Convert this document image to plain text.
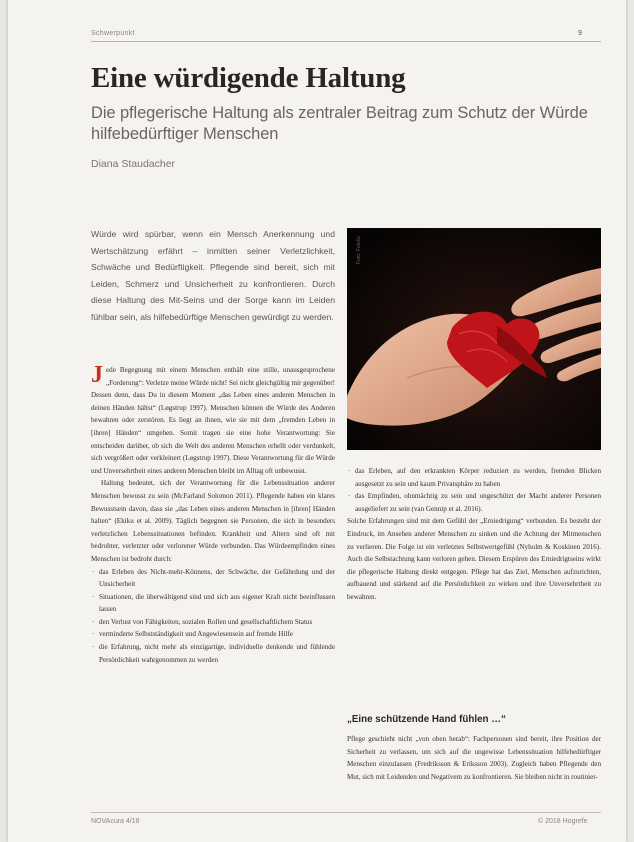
Schwerpunkt	9
Eine würdigende Haltung

Die pflegerische Haltung als zentraler Beitrag zum Schutz der Würde hilfebedürftiger Menschen

Diana Staudacher

Würde wird spürbar, wenn ein Mensch Anerkennung und Wertschätzung erfährt – inmitten seiner Verletzlichkeit, Schwäche und Bedürftigkeit. Pflegende sind bereit, sich mit Leiden, Schmerz und Unsicherheit zu konfrontieren. Durch diese Haltung des Mit-Seins und der Sorge kann im Leiden fühlbar sein, als hilfebedürftige Menschen gewürdigt zu werden.

Foto: Fotolia

Jede Begegnung mit einem Menschen enthält eine stille, unausgesprochene „Forderung“: Verletze meine Würde nicht! Sei nicht gleichgültig mir gegenüber! Dessen denn, dass Du in diesem Moment „das Leben eines anderen Menschen in deinen Händen hältst“ (Løgstrup 1997). Menschen können die Würde des Anderen bewahren oder zerstören. Es liegt an ihnen, wie sie mit dem „fremden Leben in [ihren] Händen“ umgehen. Somit tragen sie eine hohe Verantwortung: Sie entscheiden darüber, ob sich die Welt des anderen Menschen erhellt oder verdunkelt, sich vergrößert oder verkleinert (Løgstrup 1997). Diese Verantwortung für die Würde und Unversehrtheit eines anderen Menschen bleibt im Alltag oft unbewusst.

Haltung bedeutet, sich der Verantwortung für die Lebenssituation anderer Menschen bewusst zu sein (McFarland Solomon 2011). Pflegende haben ein klares Bewusstsein davon, dass sie „das Leben eines anderen Menschen in [ihren] Händen halten“ (Ekiku et al. 2009). Täglich begegnen sie Personen, die sich in besonders verletzlichen Lebenssituationen befinden. Krankheit und Altern sind oft mit bedrohter, verletzter oder verlorener Würde verbunden. Das Würdeempfinden eines Menschen ist bedroht durch:

· das Erleben des Nicht-mehr-Könnens, der Schwäche, der Gefährdung und der Unsicherheit
· Situationen, die überwältigend sind und sich aus eigener Kraft nicht beeinflussen lassen
· den Verlust von Fähigkeiten, sozialen Rollen und gesellschaftlichem Status
· verminderte Selbstständigkeit und Angewiesensein auf fremde Hilfe
· die Erfahrung, nicht mehr als einzigartige, individuelle denkende und fühlende Persönlichkeit wahrgenommen zu werden
· das Erleben, auf den erkrankten Körper reduziert zu werden, fremden Blicken ausgesetzt zu sein und kaum Privatsphäre zu haben
· das Empfinden, ohnmächtig zu sein und ungeschützt der Macht anderer Personen ausgeliefert zu sein (van Gennip et al. 2016).

Solche Erfahrungen sind mit dem Gefühl der „Erniedrigung“ verbunden. Es besteht der Eindruck, im Ansehen anderer Menschen zu sinken und die Achtung der Mitmenschen zu verlieren. Die Folge ist ein verletztes Selbstwertgefühl (Nyholm & Koskinen 2016). Auch die Selbstachtung kann verloren gehen. Diesem Erspüren des Erniedrigtseins wirkt die pflegerische Haltung direkt entgegen. Pflege hat das Ziel, Menschen aufzurichten, aufbauend und stärkend auf die Persönlichkeit zu wirken und ihre Unversehrtheit zu bewahren.

„Eine schützende Hand fühlen …“

Pflege geschieht nicht „von oben herab“: Fachpersonen sind bereit, ihre Position der Sicherheit zu verlassen, um sich auf die ungewisse Lebenssituation hilfebedürftiger Menschen einzulassen (Fredriksson & Eriksson 2003). Zugleich haben Pflegende den Mut, sich mit Leidenden und Negativem zu konfrontieren. Sie bleiben nicht in routinier-

NOVAcura 4/18	© 2018 Hogrefe
